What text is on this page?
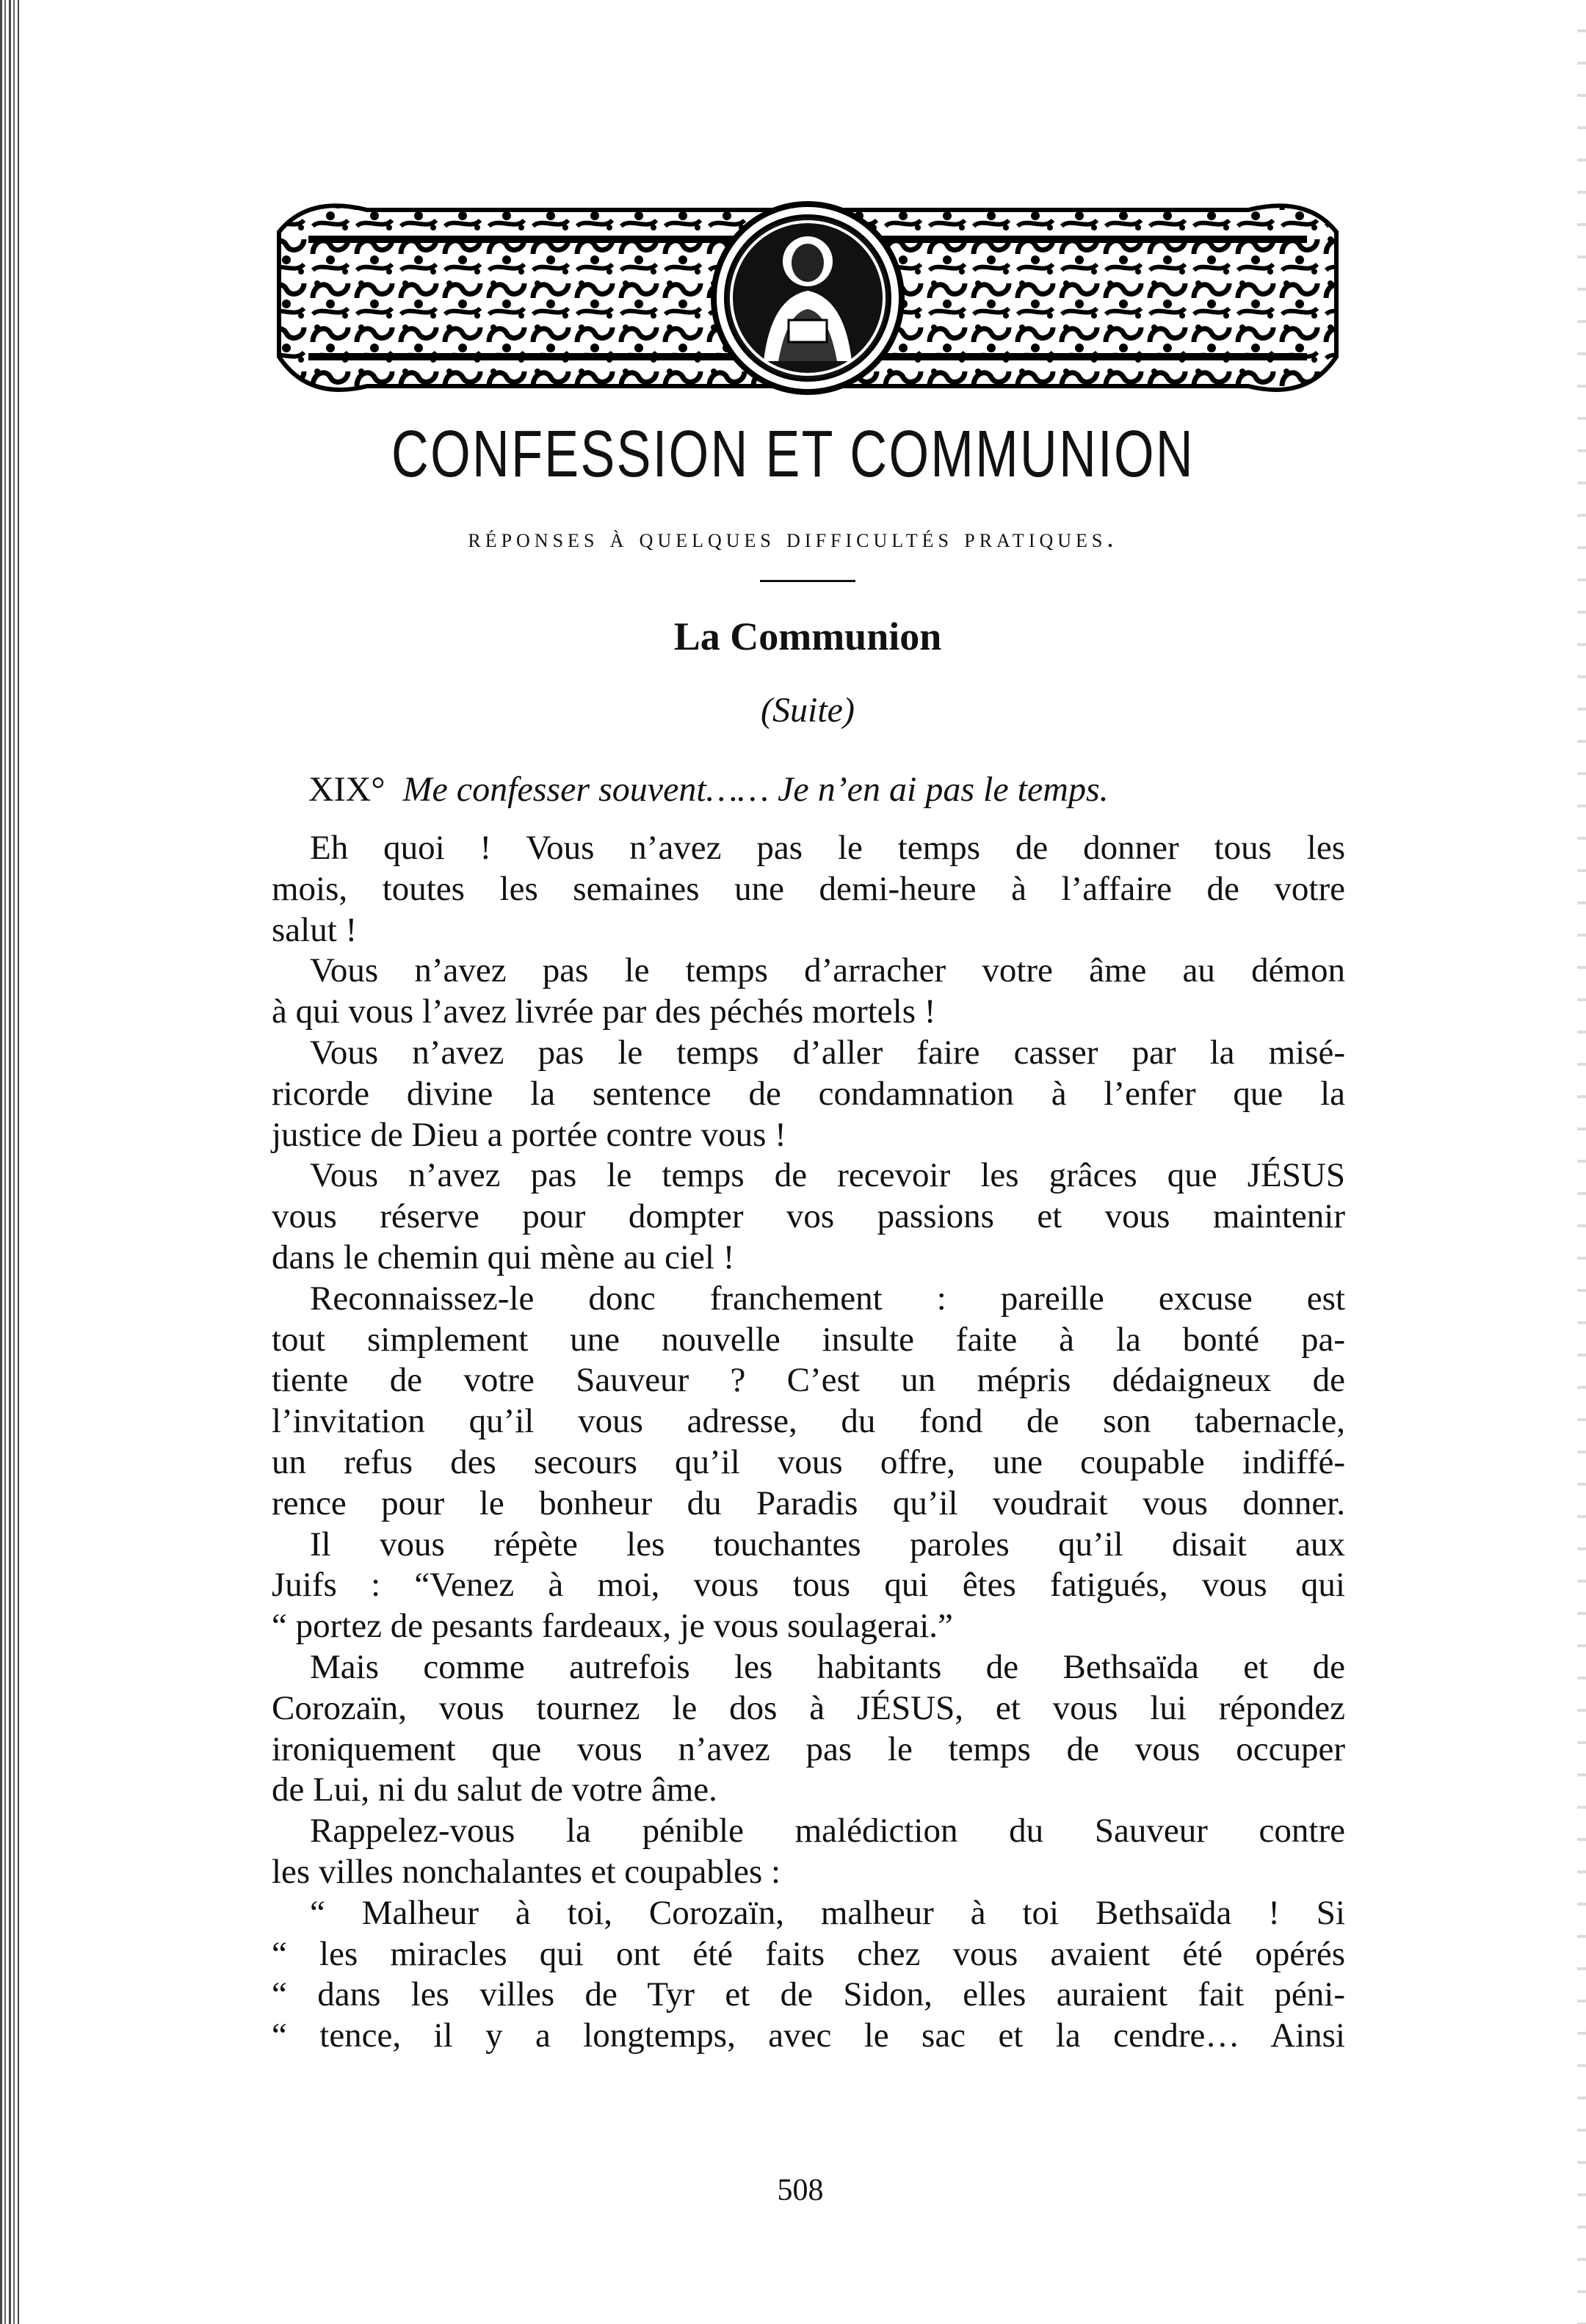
CONFESSION ET COMMUNION
réponses à quelques difficultés pratiques.
La Communion
(Suite)
XIX° Me confesser souvent…… Je n’en ai pas le temps.
Eh quoi ! Vous n’avez pas le temps de donner tous les
mois, toutes les semaines une demi-heure à l’affaire de votre
salut !
Vous n’avez pas le temps d’arracher votre âme au démon
à qui vous l’avez livrée par des péchés mortels !
Vous n’avez pas le temps d’aller faire casser par la misé-
ricorde divine la sentence de condamnation à l’enfer que la
justice de Dieu a portée contre vous !
Vous n’avez pas le temps de recevoir les grâces que JÉSUS
vous réserve pour dompter vos passions et vous maintenir
dans le chemin qui mène au ciel !
Reconnaissez-le donc franchement : pareille excuse est
tout simplement une nouvelle insulte faite à la bonté pa-
tiente de votre Sauveur ? C’est un mépris dédaigneux de
l’invitation qu’il vous adresse, du fond de son tabernacle,
un refus des secours qu’il vous offre, une coupable indiffé-
rence pour le bonheur du Paradis qu’il voudrait vous donner.
Il vous répète les touchantes paroles qu’il disait aux
Juifs : “Venez à moi, vous tous qui êtes fatigués, vous qui
“ portez de pesants fardeaux, je vous soulagerai.”
Mais comme autrefois les habitants de Bethsaïda et de
Corozaïn, vous tournez le dos à JÉSUS, et vous lui répondez
ironiquement que vous n’avez pas le temps de vous occuper
de Lui, ni du salut de votre âme.
Rappelez-vous la pénible malédiction du Sauveur contre
les villes nonchalantes et coupables :
“ Malheur à toi, Corozaïn, malheur à toi Bethsaïda ! Si
“ les miracles qui ont été faits chez vous avaient été opérés
“ dans les villes de Tyr et de Sidon, elles auraient fait péni-
“ tence, il y a longtemps, avec le sac et la cendre… Ainsi
508
